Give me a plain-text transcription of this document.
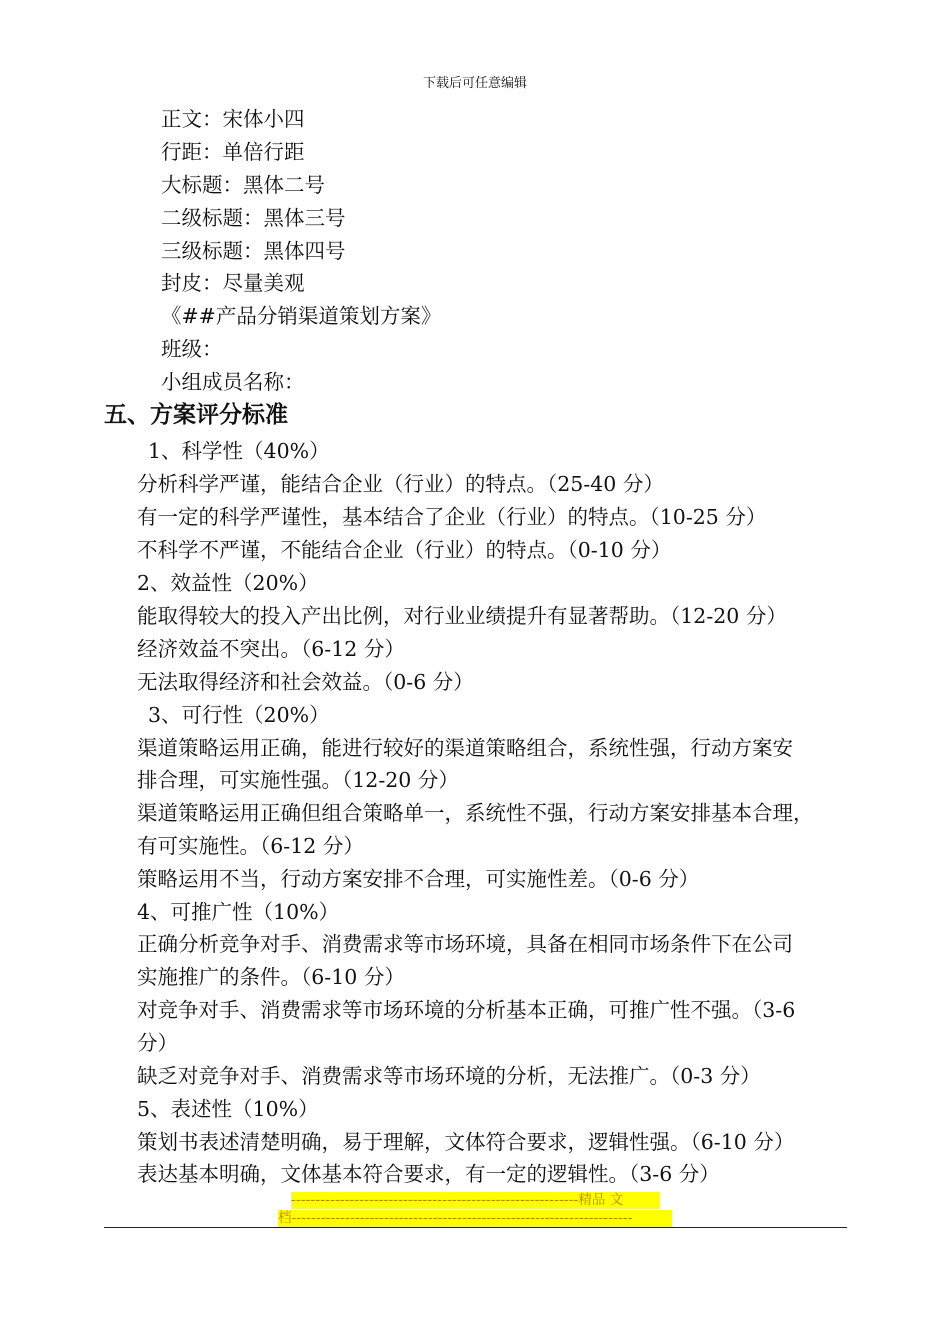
下载后可任意编辑
正文：宋体小四
行距：单倍行距
大标题：黑体二号
二级标题：黑体三号
三级标题：黑体四号
封皮：尽量美观
《##产品分销渠道策划方案》
班级：
小组成员名称：
五、方案评分标准
1、科学性（40%）
分析科学严谨，能结合企业（行业）的特点。（25-40 分）
有一定的科学严谨性，基本结合了企业（行业）的特点。（10-25 分）
不科学不严谨，不能结合企业（行业）的特点。（0-10 分）
2、效益性（20%）
能取得较大的投入产出比例，对行业业绩提升有显著帮助。（12-20 分）
经济效益不突出。（6-12 分）
无法取得经济和社会效益。（0-6 分）
3、可行性（20%）
渠道策略运用正确，能进行较好的渠道策略组合，系统性强，行动方案安
排合理，可实施性强。（12-20 分）
渠道策略运用正确但组合策略单一，系统性不强，行动方案安排基本合理，
有可实施性。（6-12 分）
策略运用不当，行动方案安排不合理，可实施性差。（0-6 分）
4、可推广性（10%）
正确分析竞争对手、消费需求等市场环境，具备在相同市场条件下在公司
实施推广的条件。（6-10 分）
对竞争对手、消费需求等市场环境的分析基本正确，可推广性不强。（3-6
分）
缺乏对竞争对手、消费需求等市场环境的分析，无法推广。（0-3 分）
5、表述性（10%）
策划书表述清楚明确，易于理解，文体符合要求，逻辑性强。（6-10 分）
表达基本明确，文体基本符合要求，有一定的逻辑性。（3-6 分）
-----------------------------------------------------------精品 文
档----------------------------------------------------------------------
